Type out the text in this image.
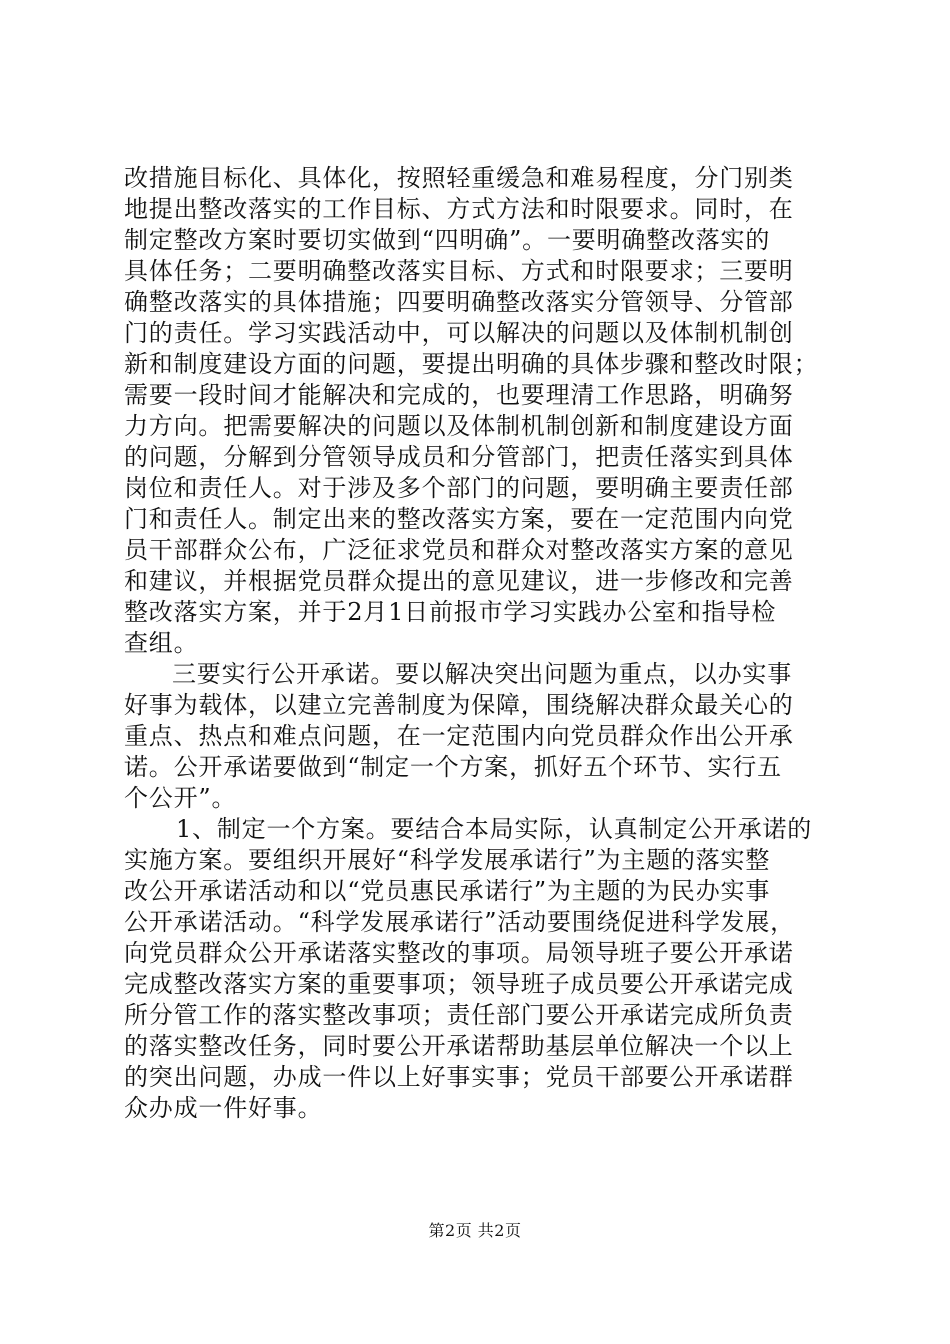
改措施目标化、具体化，按照轻重缓急和难易程度，分门别类
地提出整改落实的工作目标、方式方法和时限要求。同时，在
制定整改方案时要切实做到“四明确”。一要明确整改落实的
具体任务；二要明确整改落实目标、方式和时限要求；三要明
确整改落实的具体措施；四要明确整改落实分管领导、分管部
门的责任。学习实践活动中，可以解决的问题以及体制机制创
新和制度建设方面的问题，要提出明确的具体步骤和整改时限；
需要一段时间才能解决和完成的，也要理清工作思路，明确努
力方向。把需要解决的问题以及体制机制创新和制度建设方面
的问题，分解到分管领导成员和分管部门，把责任落实到具体
岗位和责任人。对于涉及多个部门的问题，要明确主要责任部
门和责任人。制定出来的整改落实方案，要在一定范围内向党
员干部群众公布，广泛征求党员和群众对整改落实方案的意见
和建议，并根据党员群众提出的意见建议，进一步修改和完善
整改落实方案，并于2月1日前报市学习实践办公室和指导检
查组。
三要实行公开承诺。要以解决突出问题为重点，以办实事
好事为载体，以建立完善制度为保障，围绕解决群众最关心的
重点、热点和难点问题，在一定范围内向党员群众作出公开承
诺。公开承诺要做到“制定一个方案，抓好五个环节、实行五
个公开”。
1、制定一个方案。要结合本局实际，认真制定公开承诺的
实施方案。要组织开展好“科学发展承诺行”为主题的落实整
改公开承诺活动和以“党员惠民承诺行”为主题的为民办实事
公开承诺活动。“科学发展承诺行”活动要围绕促进科学发展，
向党员群众公开承诺落实整改的事项。局领导班子要公开承诺
完成整改落实方案的重要事项；领导班子成员要公开承诺完成
所分管工作的落实整改事项；责任部门要公开承诺完成所负责
的落实整改任务，同时要公开承诺帮助基层单位解决一个以上
的突出问题，办成一件以上好事实事；党员干部要公开承诺群
众办成一件好事。
第2页 共2页
